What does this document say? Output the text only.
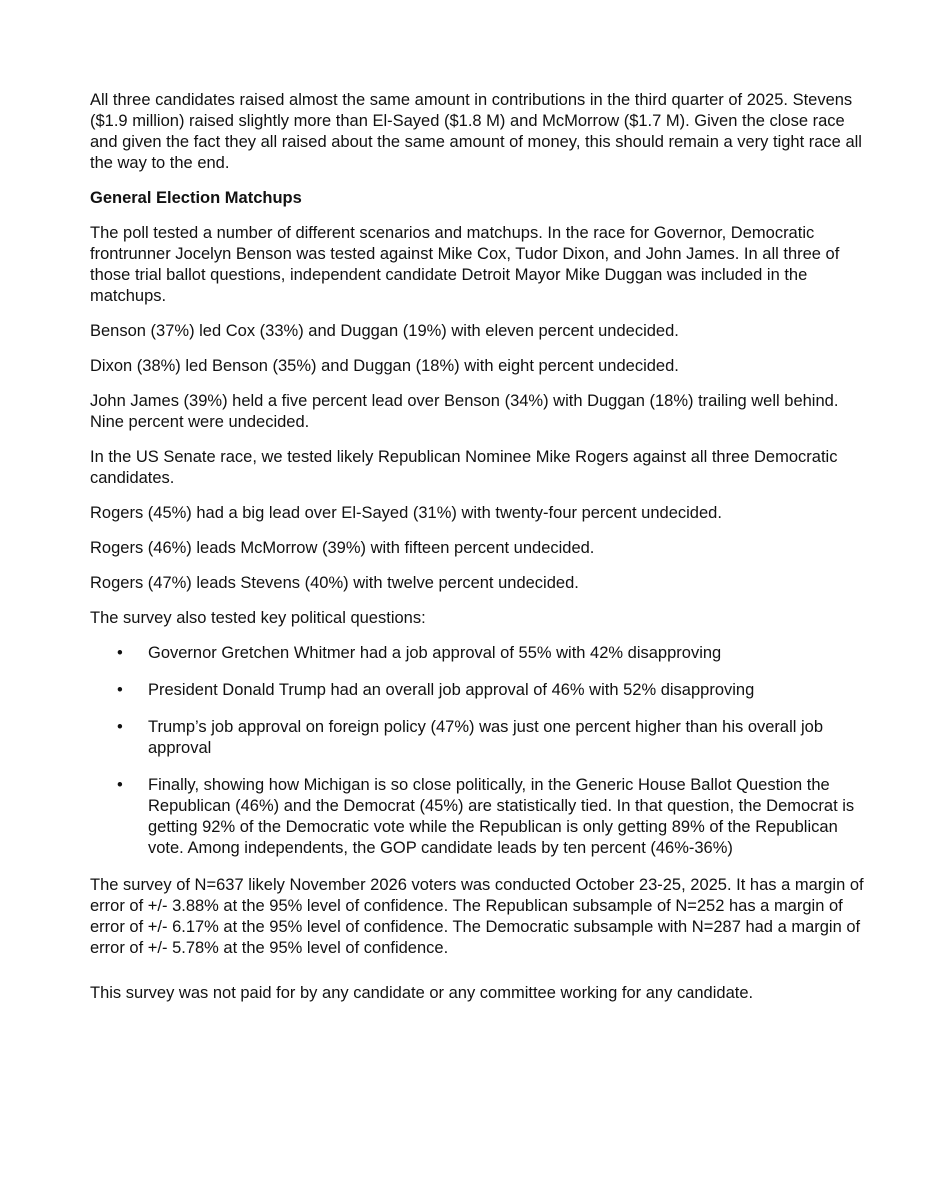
All three candidates raised almost the same amount in contributions in the third quarter of 2025. Stevens ($1.9 million) raised slightly more than El-Sayed ($1.8 M) and McMorrow ($1.7 M). Given the close race and given the fact they all raised about the same amount of money, this should remain a very tight race all the way to the end.

General Election Matchups

The poll tested a number of different scenarios and matchups. In the race for Governor, Democratic frontrunner Jocelyn Benson was tested against Mike Cox, Tudor Dixon, and John James. In all three of those trial ballot questions, independent candidate Detroit Mayor Mike Duggan was included in the matchups.

Benson (37%) led Cox (33%) and Duggan (19%) with eleven percent undecided.

Dixon (38%) led Benson (35%) and Duggan (18%) with eight percent undecided.

John James (39%) held a five percent lead over Benson (34%) with Duggan (18%) trailing well behind. Nine percent were undecided.

In the US Senate race, we tested likely Republican Nominee Mike Rogers against all three Democratic candidates.

Rogers (45%) had a big lead over El-Sayed (31%) with twenty-four percent undecided.

Rogers (46%) leads McMorrow (39%) with fifteen percent undecided.

Rogers (47%) leads Stevens (40%) with twelve percent undecided.

The survey also tested key political questions:

• Governor Gretchen Whitmer had a job approval of 55% with 42% disapproving
• President Donald Trump had an overall job approval of 46% with 52% disapproving
• Trump’s job approval on foreign policy (47%) was just one percent higher than his overall job approval
• Finally, showing how Michigan is so close politically, in the Generic House Ballot Question the Republican (46%) and the Democrat (45%) are statistically tied. In that question, the Democrat is getting 92% of the Democratic vote while the Republican is only getting 89% of the Republican vote. Among independents, the GOP candidate leads by ten percent (46%-36%)

The survey of N=637 likely November 2026 voters was conducted October 23-25, 2025. It has a margin of error of +/- 3.88% at the 95% level of confidence. The Republican subsample of N=252 has a margin of error of +/- 6.17% at the 95% level of confidence. The Democratic subsample with N=287 had a margin of error of +/- 5.78% at the 95% level of confidence.

This survey was not paid for by any candidate or any committee working for any candidate.
